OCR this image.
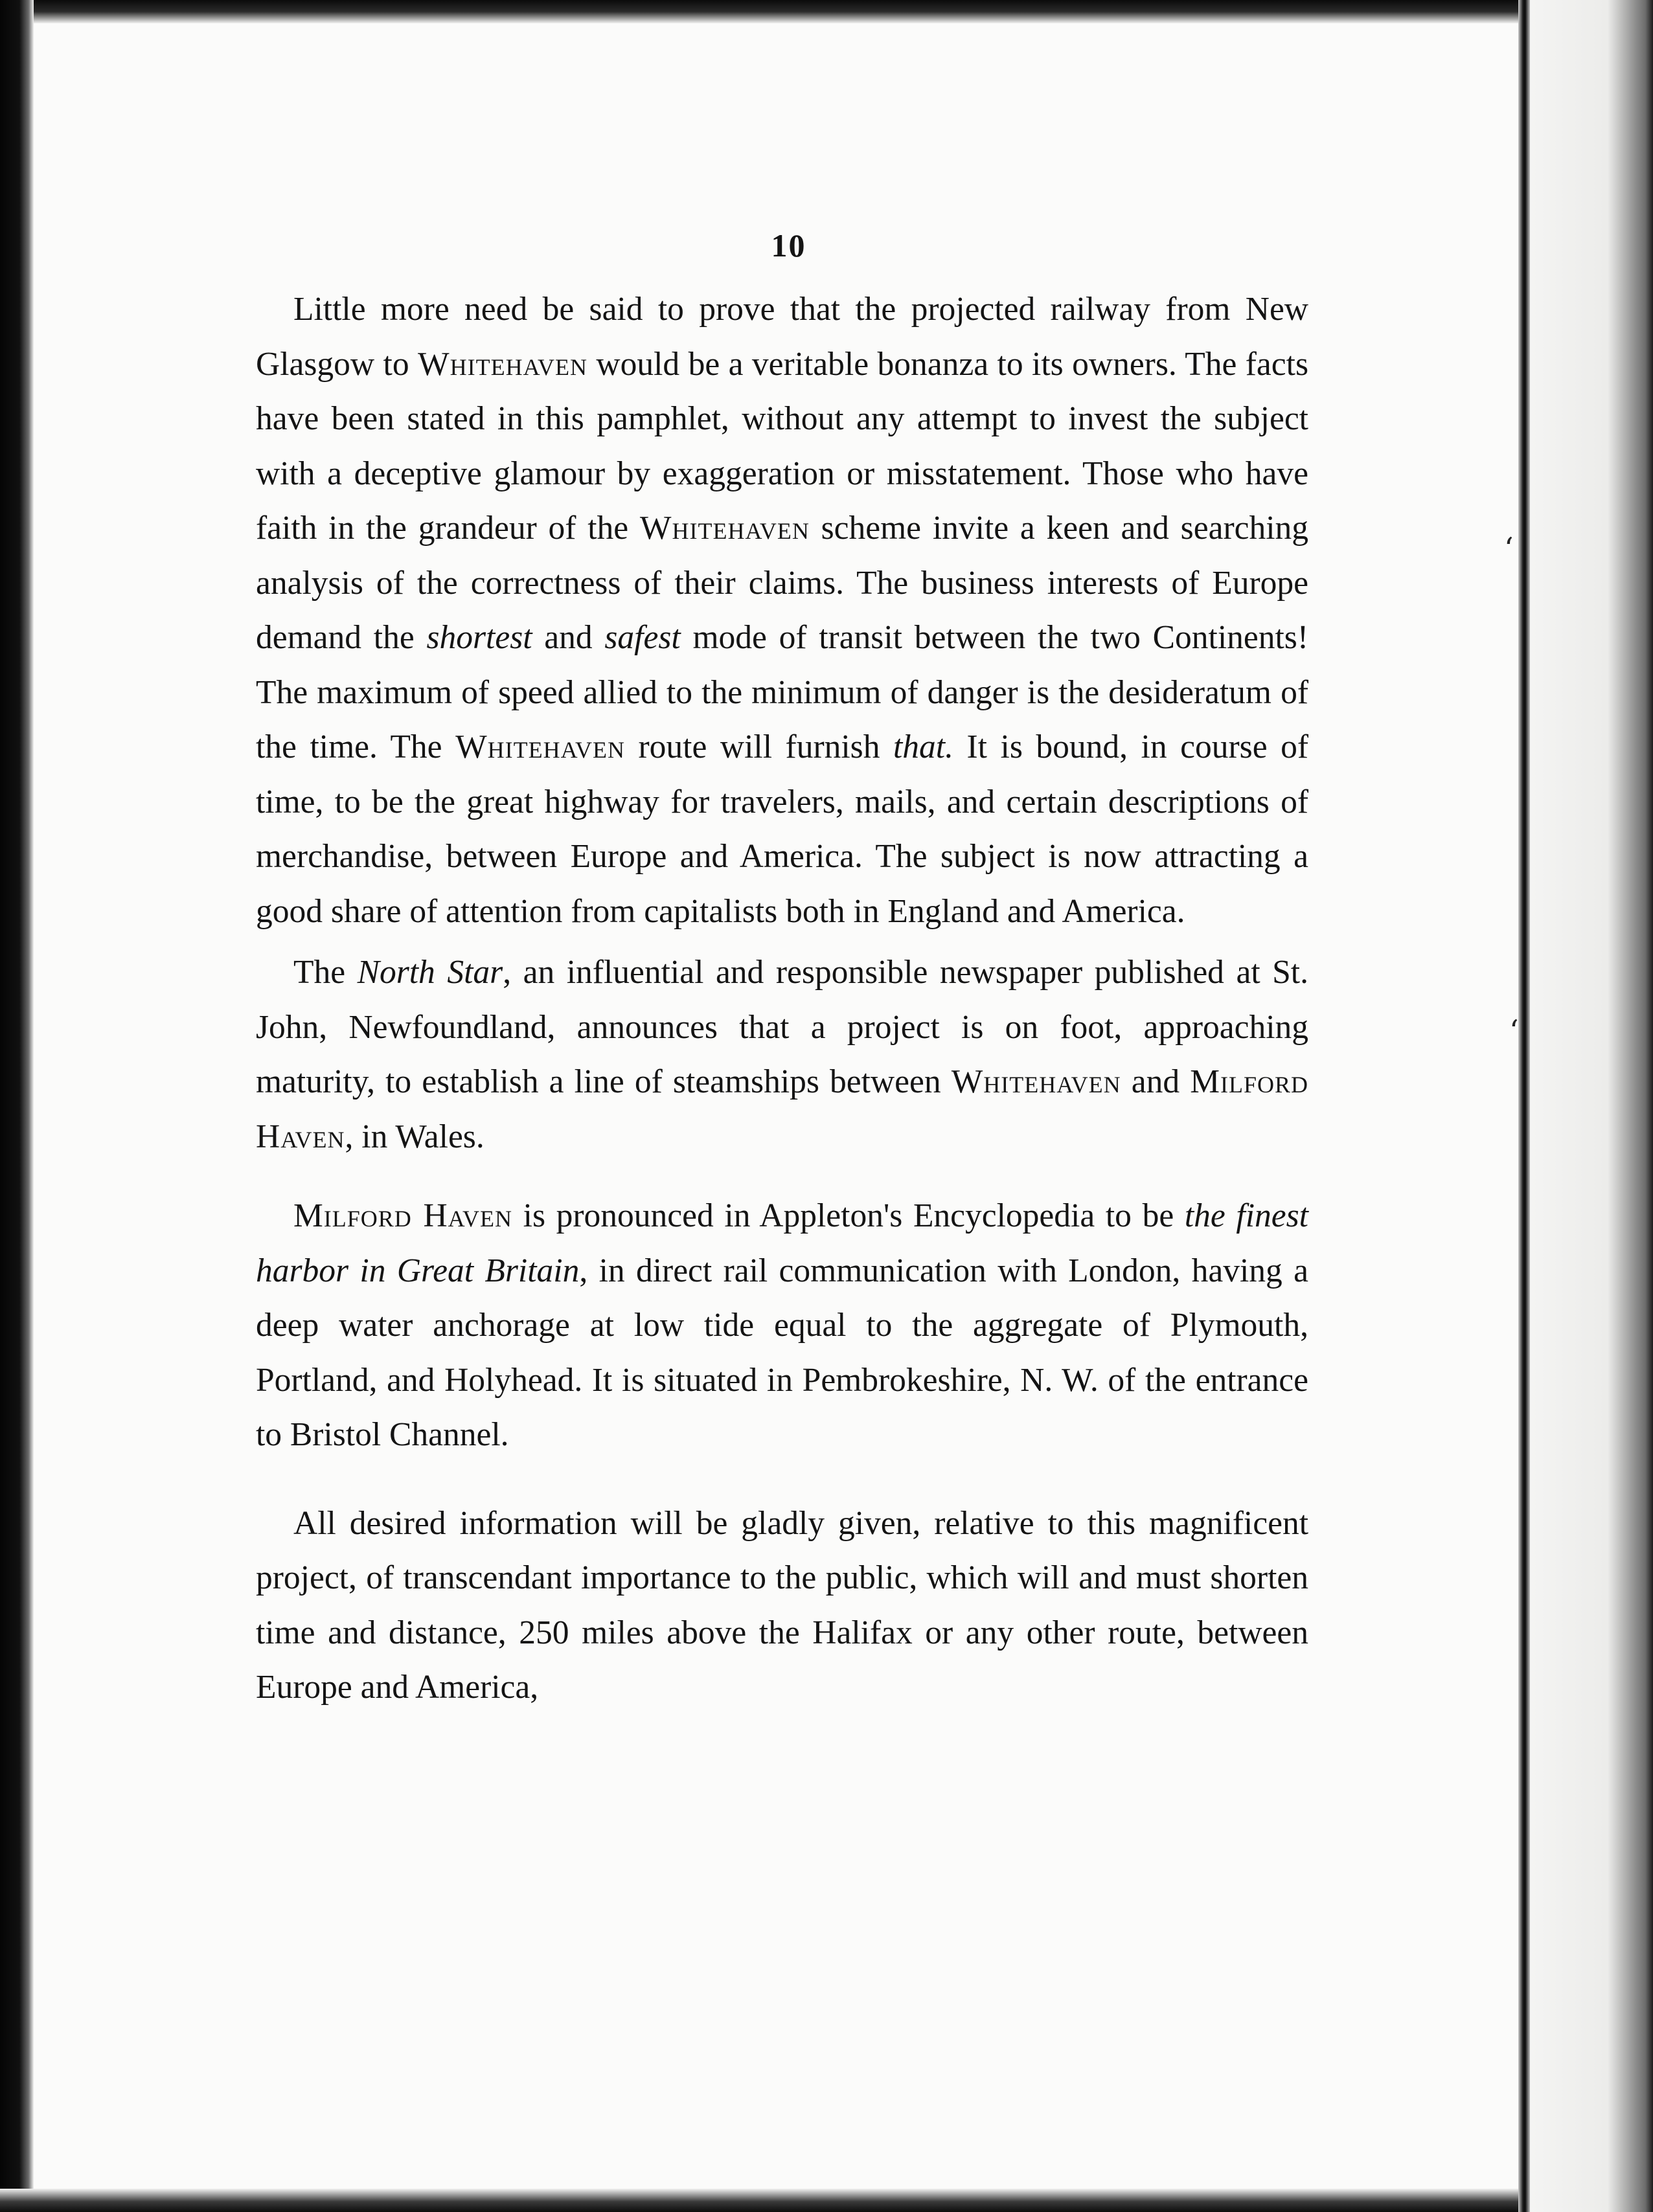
ʻ
ʻ
10

Little more need be said to prove that the projected railway from New Glasgow to Whitehaven would be a veritable bonanza to its owners. The facts have been stated in this pamphlet, without any attempt to invest the subject with a deceptive glamour by exaggeration or misstatement. Those who have faith in the grandeur of the Whitehaven scheme invite a keen and searching analysis of the correctness of their claims. The business interests of Europe demand the shortest and safest mode of transit between the two Continents! The maximum of speed allied to the minimum of danger is the desideratum of the time. The Whitehaven route will furnish that. It is bound, in course of time, to be the great highway for travelers, mails, and certain descriptions of merchandise, between Europe and America. The subject is now attracting a good share of attention from capitalists both in England and America.

The North Star, an influential and responsible newspaper published at St. John, Newfoundland, announces that a project is on foot, approaching maturity, to establish a line of steamships between Whitehaven and Milford Haven, in Wales.

Milford Haven is pronounced in Appleton's Encyclopedia to be the finest harbor in Great Britain, in direct rail communication with London, having a deep water anchorage at low tide equal to the aggregate of Plymouth, Portland, and Holyhead. It is situated in Pembrokeshire, N. W. of the entrance to Bristol Channel.

All desired information will be gladly given, relative to this magnificent project, of transcendant importance to the public, which will and must shorten time and distance, 250 miles above the Halifax or any other route, between Europe and America,
